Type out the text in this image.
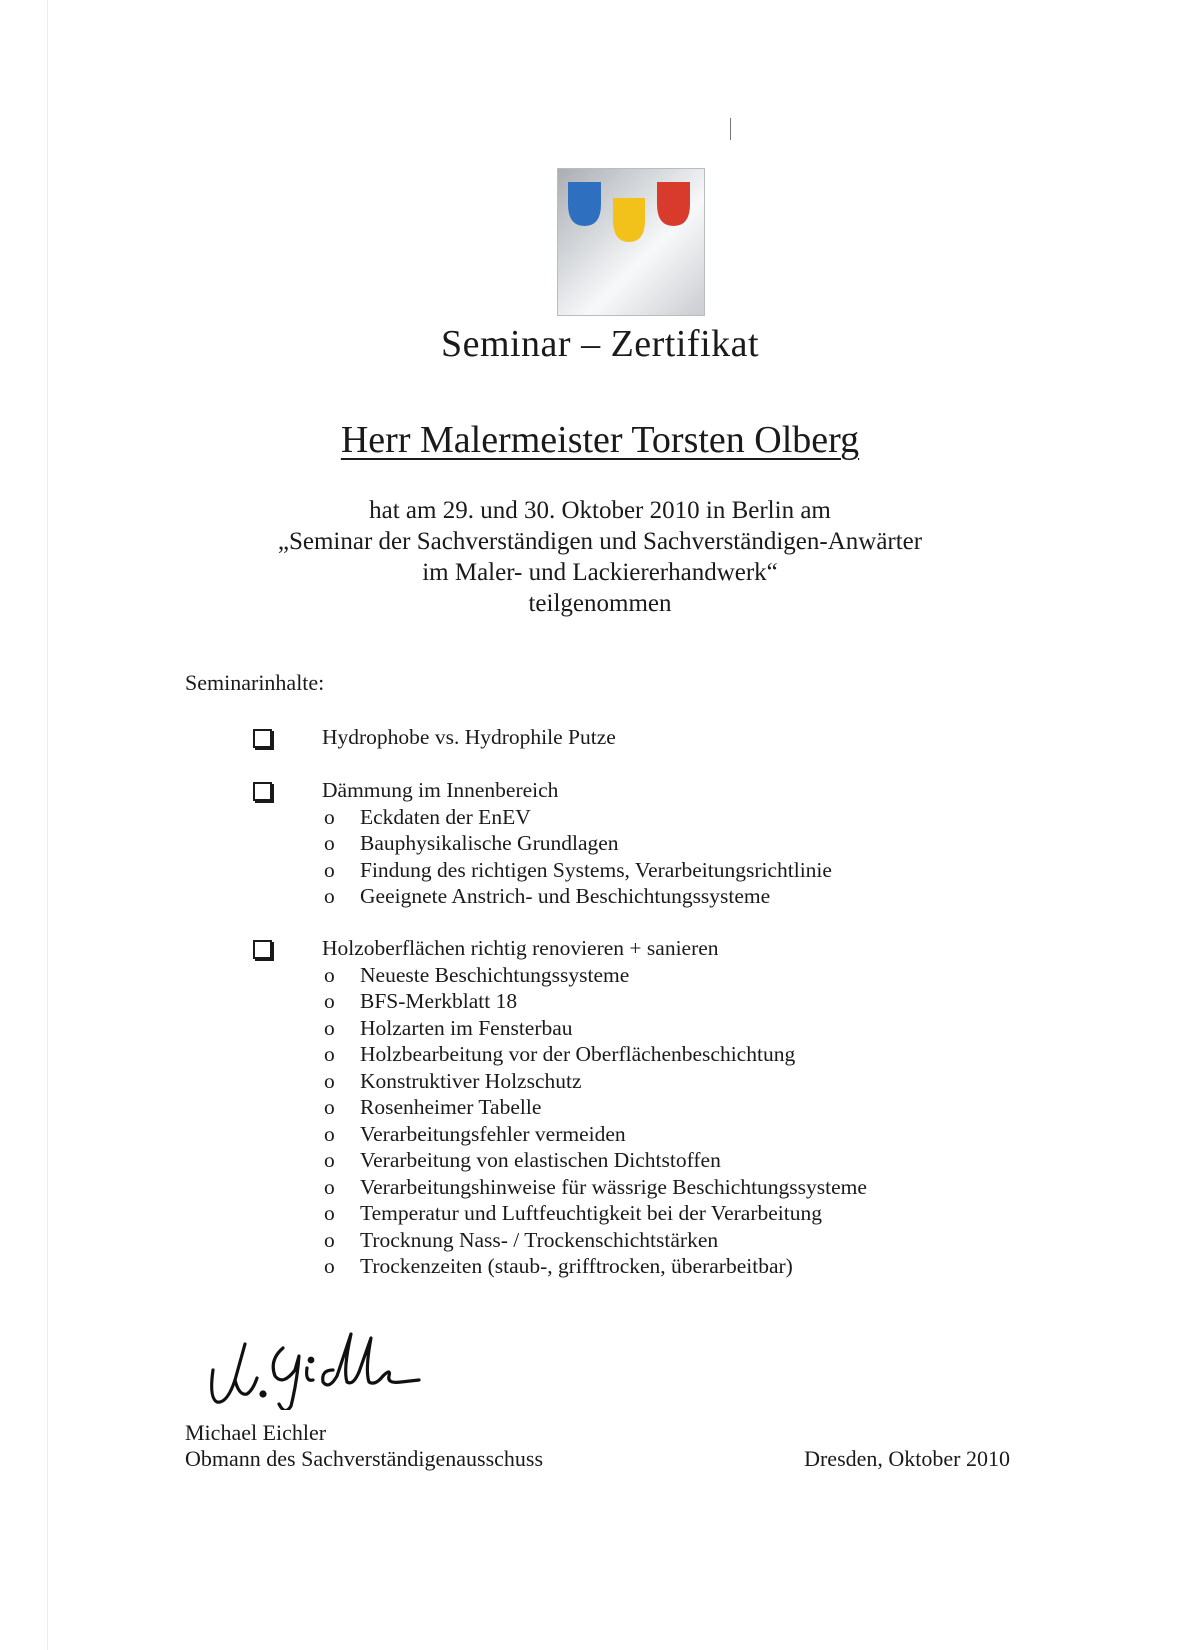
Seminar – Zertifikat
Herr Malermeister Torsten Olberg
hat am 29. und 30. Oktober 2010 in Berlin am
„Seminar der Sachverständigen und Sachverständigen-Anwärter
im Maler- und Lackiererhandwerk“
teilgenommen
Seminarinhalte:
Hydrophobe vs. Hydrophile Putze
Dämmung im Innenbereich
o	Eckdaten der EnEV
o	Bauphysikalische Grundlagen
o	Findung des richtigen Systems, Verarbeitungsrichtlinie
o	Geeignete Anstrich- und Beschichtungssysteme
Holzoberflächen richtig renovieren + sanieren
o	Neueste Beschichtungssysteme
o	BFS-Merkblatt 18
o	Holzarten im Fensterbau
o	Holzbearbeitung vor der Oberflächenbeschichtung
o	Konstruktiver Holzschutz
o	Rosenheimer Tabelle
o	Verarbeitungsfehler vermeiden
o	Verarbeitung von elastischen Dichtstoffen
o	Verarbeitungshinweise für wässrige Beschichtungssysteme
o	Temperatur und Luftfeuchtigkeit bei der Verarbeitung
o	Trocknung Nass- / Trockenschichtstärken
o	Trockenzeiten (staub-, grifftrocken, überarbeitbar)
Michael Eichler
Obmann des Sachverständigenausschuss	Dresden, Oktober 2010
